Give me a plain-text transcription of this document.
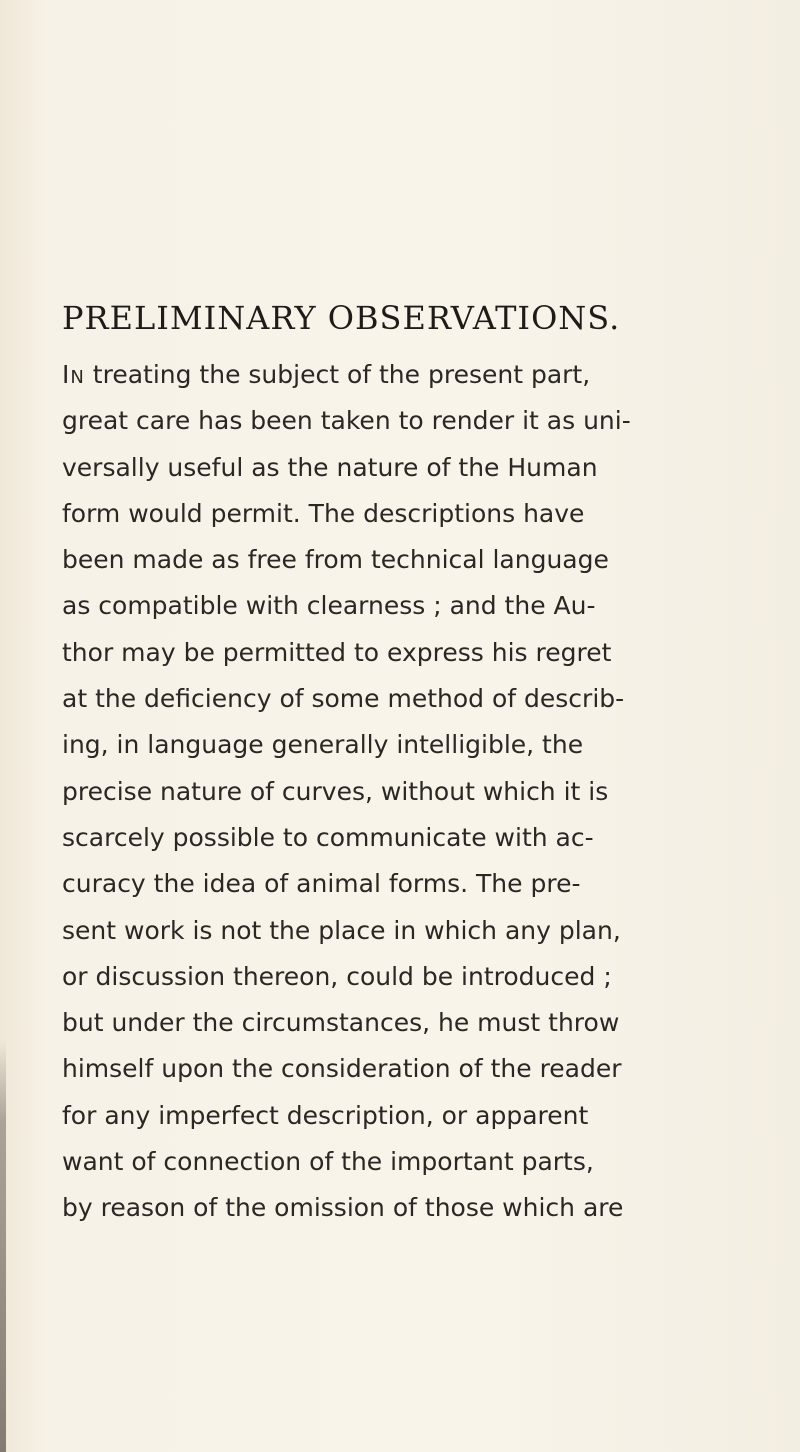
PRELIMINARY OBSERVATIONS.
In treating the subject of the present part,
great care has been taken to render it as uni-
versally useful as the nature of the Human
form would permit. The descriptions have
been made as free from technical language
as compatible with clearness ; and the Au-
thor may be permitted to express his regret
at the deficiency of some method of describ-
ing, in language generally intelligible, the
precise nature of curves, without which it is
scarcely possible to communicate with ac-
curacy the idea of animal forms. The pre-
sent work is not the place in which any plan,
or discussion thereon, could be introduced ;
but under the circumstances, he must throw
himself upon the consideration of the reader
for any imperfect description, or apparent
want of connection of the important parts,
by reason of the omission of those which are
